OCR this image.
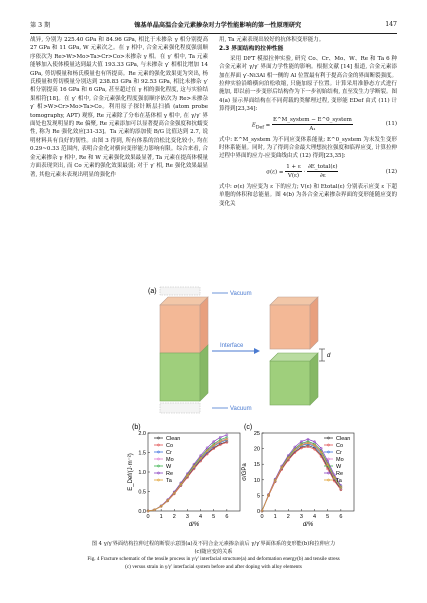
第 3 期	镍基单晶高温合金元素掺杂对力学性能影响的第一性原理研究	147

战异, 分别为 225.40 GPa 和 84.96 GPa, 相比于未掺杂 γ 相分别提高 27 GPa 和 11 GPa, W 元素次之。在 γ 相中, 合金元素强化程度强弱顺序依次为 Re>W>Mo>Ta>Cr>Co>未掺杂 γ 相。在 γ′ 相中, Ta 元素能够加入使体模量达到最大值 193.33 GPa, 与未掺杂 γ′ 相相比增加 14 GPa, 剪切模量和杨氏模量也有所提高。Re 元素的强化效果更为突出, 杨氏模量和剪切模量分别达到 238.83 GPa 和 92.53 GPa, 相比未掺杂 γ′ 相分别提高 16 GPa 和 6 GPa, 甚至超过在 γ 相的强化程度, 这与实验结果相符[18]。在 γ′ 相中, 合金元素强化程度强弱顺序依次为 Re>未掺杂 γ′ 相>W>Cr>Mo>Ta>Co。利用原子探针断层扫描 (atom probe tomography, APT) 观察, Re 元素除了分布在基体相 γ 相中, 在 γ/γ′ 界面处也发现明显的 Re 偏聚, Re 元素添加可以显著提高合金强度和抗蠕变性, 称为 Re 强化效应[31-33]。Ta 元素的添加使 B/G 比值达到 2.7, 说明材料具有良好的韧性。由图 3 得到, 所有体系的泊松比变化较小, 均在 0.29~0.33 范围内, 表明合金化对横向变形能力影响有限。综合来看, 合金元素掺杂 γ 相中, Re 和 W 元素强化效果最显著, Ta 元素在提高体模量方面表现突出, 而 Co 元素的强化效果最弱; 对于 γ′ 相, Re 强化效果最显著, 其他元素未表现出明显的强化作

用, Ta 元素表现出较好的抗体积变形能力。

2.3 界面结构的拉伸性能

采用 DFT 模拟拉伸实验, 研究 Co、Cr、Mo、W、Re 和 Ta 6 种合金元素对 γ/γ′ 界面力学性能的影响。根据文献 [14] 报道, 合金元素添加在界面 γ′-Ni3Al 相一侧的 Al 位置最有利于提高合金的界面断裂强度。拉伸实验沿略横向泊松收缩, 只施加原子位置。计算采用准静态方式进行施加, 即以前一步变形后结构作为下一步初始结构, 直至发生力学断裂。图 4(a) 显示界面结构在不同荷载的类解理过程, 变形能 EDef 由式 (11) 计算得到[23,34]:

$E_{Def} = \frac{\text{E\textasciicircum{}M\_system − E\textasciicircum{}0\_system}}{\text{A₁}}$	(11)

式中: E^M_system 为不同应变体系能量; E^0_system 为未发生变形时体系能量。同时, 为了得到合金最大理想抗拉强度和临界应变, 计算拉伸过程中界面的应力-应变曲线由式 (12) 得到[23,35]:

$\sigma(\varepsilon) = \frac{1 + \varepsilon}{V(\varepsilon)} \cdot \frac{\text{∂E\_total(ε)}}{\partial\varepsilon}$	(12)

式中: σ(ε) 为应变为 ε 下的应力; V(ε) 和 Etotal(ε) 分别表示应变 ε 下超单胞的体积和总能量。图 4(b) 为各合金元素掺杂界面的变形能随应变的变化关

(a)	Vacuum
Vacuum
Interface
d
0 1 2 3 4 5 6
0.0
0.5
1.0
1.5
2.0
d/%
E_Def/(J·m⁻²)
Clean
Co
Cr
Mo
W
Re
Ta
(b)
0 1 2 3 4 5 6
0
5
10
15
20
25
d/%
σ/GPa
Clean
Co
Cr
Mo
W
Re
Ta
(c)
图 4 γ/γ′界面结构拉伸过程的断裂示意图(a)及不同合金元素掺杂前后 γ/γ′界面体系的变形能(b)和拉伸应力
(c)随应变的关系
Fig. 4 Fracture schematic of the tensile process in γ/γ′ interfacial structure(a) and deformation energy(b) and tensile stress
(c) versus strain in γ/γ′ interfacial system before and after doping with alloy elements
